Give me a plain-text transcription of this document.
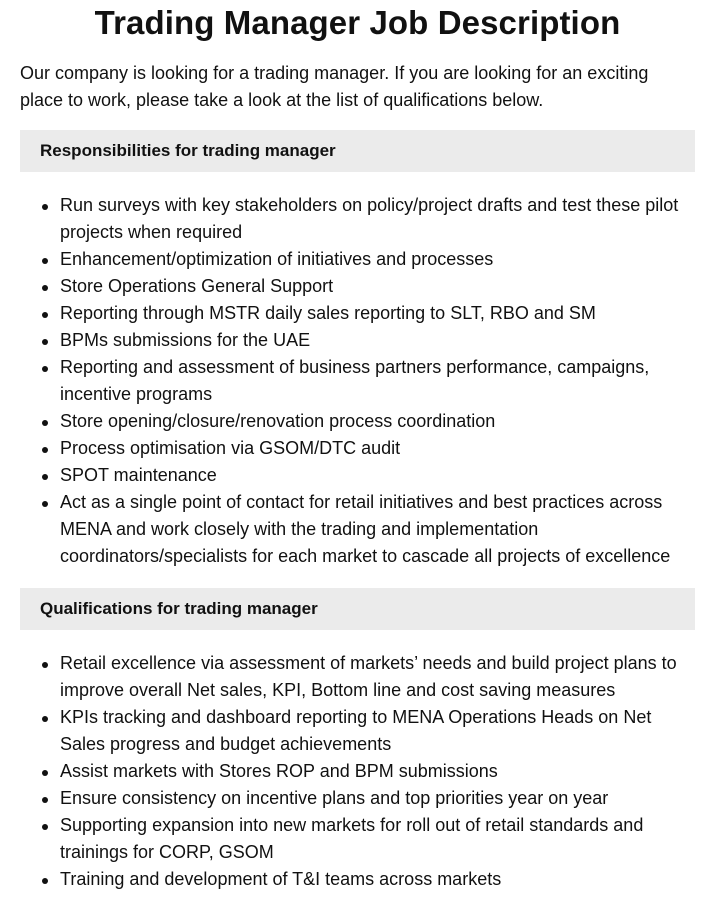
Trading Manager Job Description

Our company is looking for a trading manager. If you are looking for an exciting place to work, please take a look at the list of qualifications below.

Responsibilities for trading manager
Run surveys with key stakeholders on policy/project drafts and test these pilot projects when required
Enhancement/optimization of initiatives and processes
Store Operations General Support
Reporting through MSTR daily sales reporting to SLT, RBO and SM
BPMs submissions for the UAE
Reporting and assessment of business partners performance, campaigns, incentive programs
Store opening/closure/renovation process coordination
Process optimisation via GSOM/DTC audit
SPOT maintenance
Act as a single point of contact for retail initiatives and best practices across MENA and work closely with the trading and implementation coordinators/specialists for each market to cascade all projects of excellence
Qualifications for trading manager
Retail excellence via assessment of markets’ needs and build project plans to improve overall Net sales, KPI, Bottom line and cost saving measures
KPIs tracking and dashboard reporting to MENA Operations Heads on Net Sales progress and budget achievements
Assist markets with Stores ROP and BPM submissions
Ensure consistency on incentive plans and top priorities year on year
Supporting expansion into new markets for roll out of retail standards and trainings for CORP, GSOM
Training and development of T&I teams across markets
